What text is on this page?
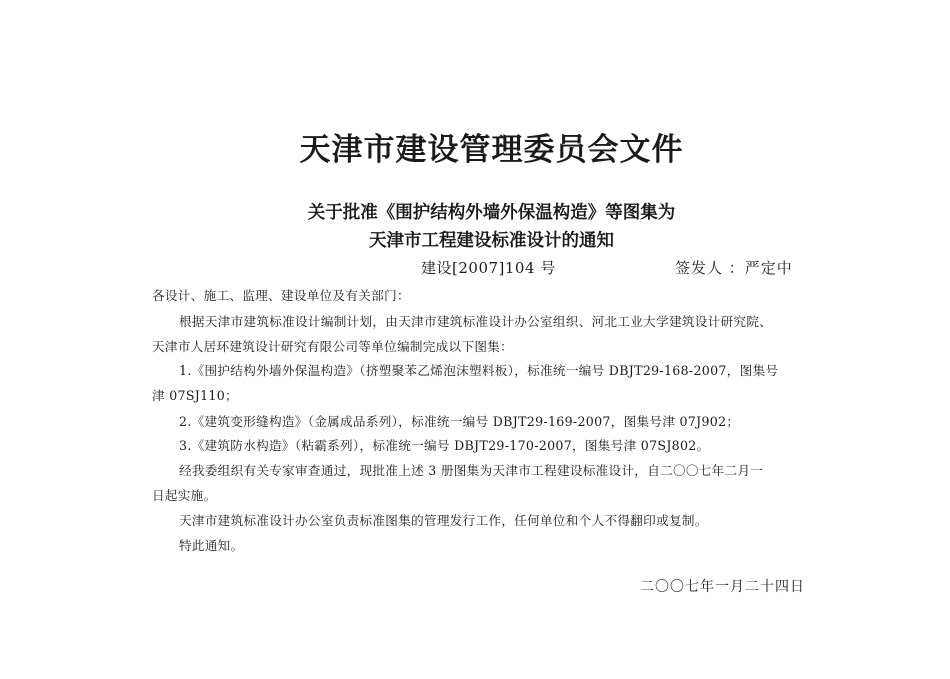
天津市建设管理委员会文件
关于批准《围护结构外墙外保温构造》等图集为
天津市工程建设标准设计的通知
建设[2007]104 号	签发人 ：严定中
各设计、施工、监理、建设单位及有关部门：
根据天津市建筑标准设计编制计划，由天津市建筑标准设计办公室组织、河北工业大学建筑设计研究院、
天津市人居环建筑设计研究有限公司等单位编制完成以下图集：
1.《围护结构外墙外保温构造》（挤塑聚苯乙烯泡沫塑料板），标准统一编号 DBJT29-168-2007，图集号
津 07SJ110；
2.《建筑变形缝构造》（金属成品系列），标准统一编号 DBJT29-169-2007，图集号津 07J902；
3.《建筑防水构造》（粘霸系列），标准统一编号 DBJT29-170-2007，图集号津 07SJ802。
经我委组织有关专家审查通过，现批准上述 3 册图集为天津市工程建设标准设计，自二〇〇七年二月一
日起实施。
天津市建筑标准设计办公室负责标准图集的管理发行工作，任何单位和个人不得翻印或复制。
特此通知。
二〇〇七年一月二十四日
